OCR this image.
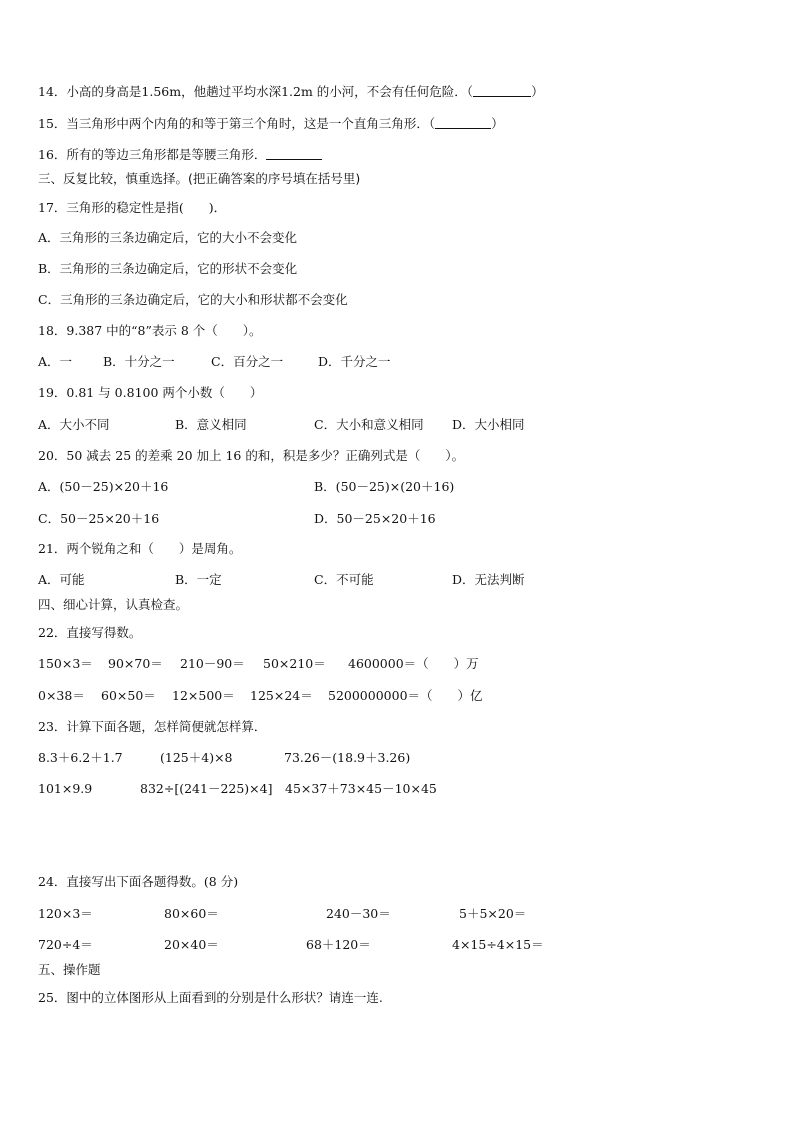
14．小高的身高是1.56m，他趟过平均水深1.2m 的小河，不会有任何危险．（	）
15．当三角形中两个内角的和等于第三个角时，这是一个直角三角形．（	）
16．所有的等边三角形都是等腰三角形．
三、反复比较，慎重选择。(把正确答案的序号填在括号里)
17．三角形的稳定性是指(　　)．
A．三角形的三条边确定后，它的大小不会变化
B．三角形的三条边确定后，它的形状不会变化
C．三角形的三条边确定后，它的大小和形状都不会变化
18．9.387 中的“8”表示 8 个（　　）。
A．一 B．十分之一	C．百分之一	D．千分之一
19．0.81 与 0.8100 两个小数（　　）
A．大小不同	B．意义相同	C．大小和意义相同 D．大小相同
20．50 减去 25 的差乘 20 加上 16 的和，积是多少？正确列式是（　　）。
A．(50－25)×20＋16	B．(50－25)×(20＋16)
C．50－25×20＋16	D．50－25×20＋16
21．两个锐角之和（　　）是周角。
A．可能	B．一定	C．不可能	D．无法判断
四、细心计算，认真检查。
22．直接写得数。
150×3＝ 90×70＝ 210－90＝ 50×210＝ 4600000＝（　　）万
0×38＝ 60×50＝ 12×500＝ 125×24＝ 5200000000＝（　　）亿
23．计算下面各题，怎样简便就怎样算．
8.3＋6.2＋1.7	(125＋4)×8	73.26－(18.9＋3.26)
101×9.9	832÷[(241－225)×4] 45×37＋73×45－10×45
24．直接写出下面各题得数。(8 分)
120×3＝	80×60＝	240－30＝	5＋5×20＝
720÷4＝	20×40＝	68＋120＝	4×15÷4×15＝
五、操作题
25．图中的立体图形从上面看到的分别是什么形状？请连一连.
